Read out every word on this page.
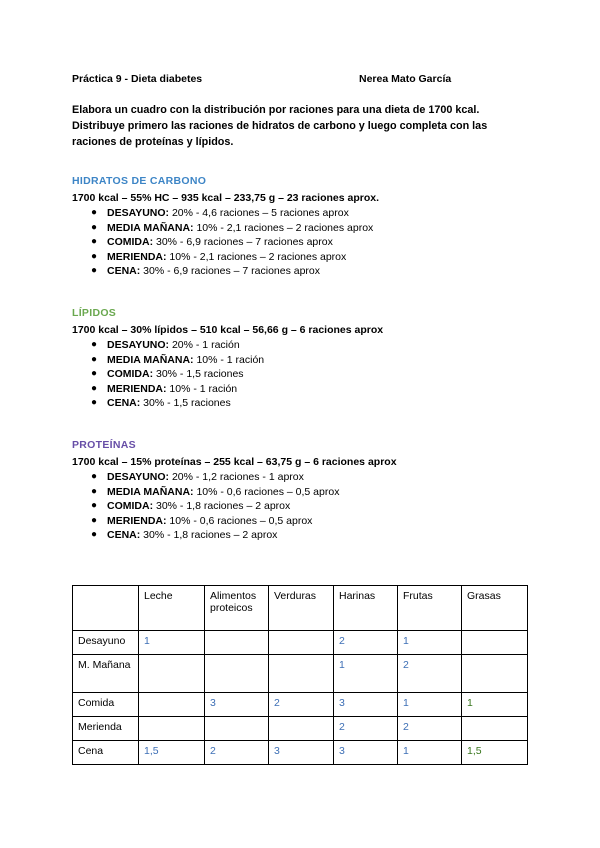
Práctica 9 - Dieta diabetes	Nerea Mato García
Elabora un cuadro con la distribución por raciones para una dieta de 1700 kcal.
Distribuye primero las raciones de hidratos de carbono y luego completa con las
raciones de proteínas y lípidos.
HIDRATOS DE CARBONO
1700 kcal – 55% HC – 935 kcal – 233,75 g – 23 raciones aprox.
● DESAYUNO: 20% - 4,6 raciones – 5 raciones aprox
● MEDIA MAÑANA: 10% - 2,1 raciones – 2 raciones aprox
● COMIDA: 30% - 6,9 raciones – 7 raciones aprox
● MERIENDA: 10% - 2,1 raciones – 2 raciones aprox
● CENA: 30% - 6,9 raciones – 7 raciones aprox
LÍPIDOS
1700 kcal – 30% lípidos – 510 kcal – 56,66 g – 6 raciones aprox
● DESAYUNO: 20% - 1 ración
● MEDIA MAÑANA: 10% - 1 ración
● COMIDA: 30% - 1,5 raciones
● MERIENDA: 10% - 1 ración
● CENA: 30% - 1,5 raciones
PROTEÍNAS
1700 kcal – 15% proteínas – 255 kcal – 63,75 g – 6 raciones aprox
● DESAYUNO: 20% - 1,2 raciones - 1 aprox
● MEDIA MAÑANA: 10% - 0,6 raciones – 0,5 aprox
● COMIDA: 30% - 1,8 raciones – 2 aprox
● MERIENDA: 10% - 0,6 raciones – 0,5 aprox
● CENA: 30% - 1,8 raciones – 2 aprox
	Leche	Alimentos proteicos	Verduras	Harinas	Frutas	Grasas
Desayuno	1			2	1	
M. Mañana				1	2	
Comida		3	2	3	1	1
Merienda				2	2	
Cena	1,5	2	3	3	1	1,5
